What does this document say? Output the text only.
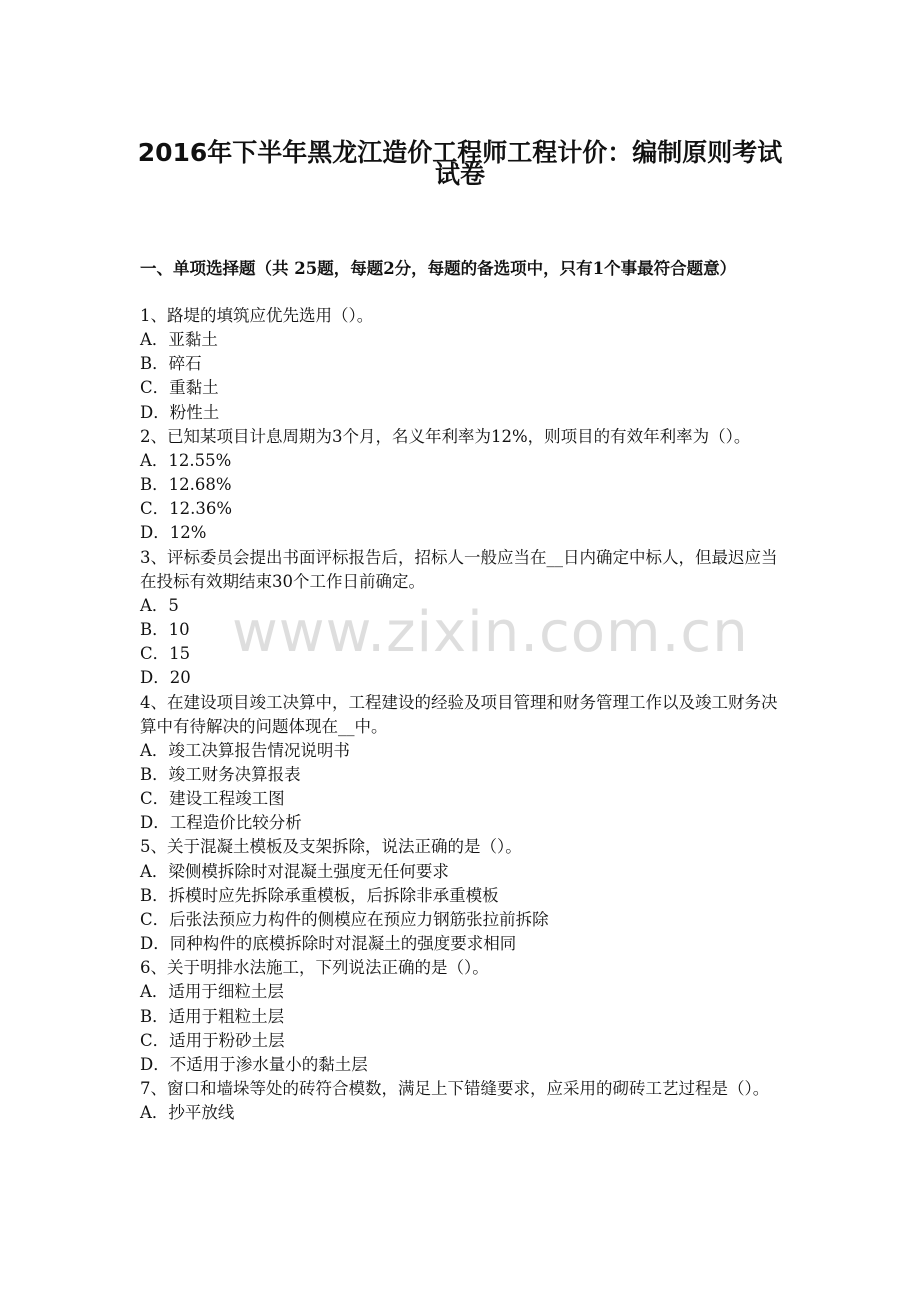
2016年下半年黑龙江造价工程师工程计价：编制原则考试
试卷

一、单项选择题（共 25题，每题2分，每题的备选项中，只有1个事最符合题意）

1、路堤的填筑应优先选用（）。

A．亚黏土

B．碎石

C．重黏土

D．粉性土

2、已知某项目计息周期为3个月，名义年利率为12%，则项目的有效年利率为（）。

A．12.55%

B．12.68%

C．12.36%

D．12%

3、评标委员会提出书面评标报告后，招标人一般应当在__日内确定中标人，但最迟应当在投标有效期结束30个工作日前确定。

A．5

B．10

C．15

D．20

4、在建设项目竣工决算中，工程建设的经验及项目管理和财务管理工作以及竣工财务决算中有待解决的问题体现在__中。

A．竣工决算报告情况说明书

B．竣工财务决算报表

C．建设工程竣工图

D．工程造价比较分析

5、关于混凝土模板及支架拆除，说法正确的是（）。

A．梁侧模拆除时对混凝土强度无任何要求

B．拆模时应先拆除承重模板，后拆除非承重模板

C．后张法预应力构件的侧模应在预应力钢筋张拉前拆除

D．同种构件的底模拆除时对混凝土的强度要求相同

6、关于明排水法施工，下列说法正确的是（）。

A．适用于细粒土层

B．适用于粗粒土层

C．适用于粉砂土层

D．不适用于渗水量小的黏土层

7、窗口和墙垛等处的砖符合模数，满足上下错缝要求，应采用的砌砖工艺过程是（）。

A．抄平放线

www.zixin.com.cn
